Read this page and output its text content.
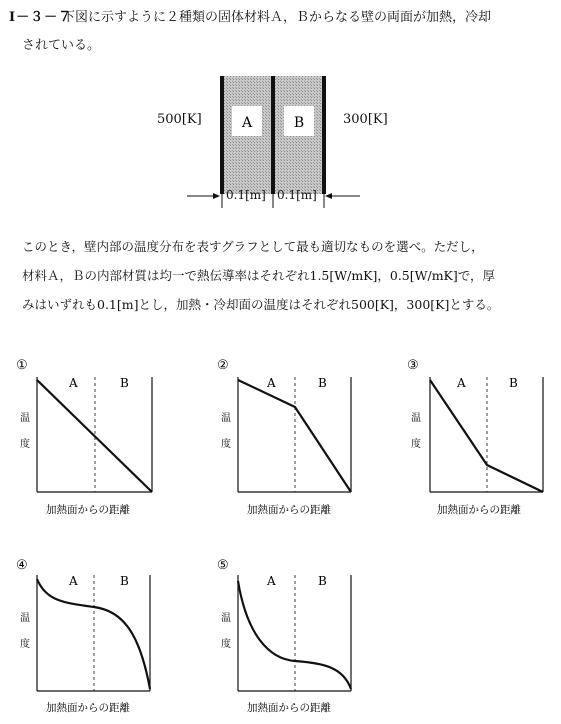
Ⅰ－３－７
下図に示すように２種類の固体材料Ａ，Ｂからなる壁の両面が加熱，冷却
されている。
500[K]	300[K]
A	B
0.1[m] 0.1[m]
このとき，壁内部の温度分布を表すグラフとして最も適切なものを選べ。ただし，
材料Ａ，Ｂの内部材質は均一で熱伝導率はそれぞれ1.5[W/mK]，0.5[W/mK]で，厚
みはいずれも0.1[m]とし，加熱・冷却面の温度はそれぞれ500[K]，300[K]とする。
①
A	B
温
度
加熱面からの距離
②
A	B
温
度
加熱面からの距離
③
A	B
温
度
加熱面からの距離
④
A	B
温
度
加熱面からの距離
⑤
A	B
温
度
加熱面からの距離
